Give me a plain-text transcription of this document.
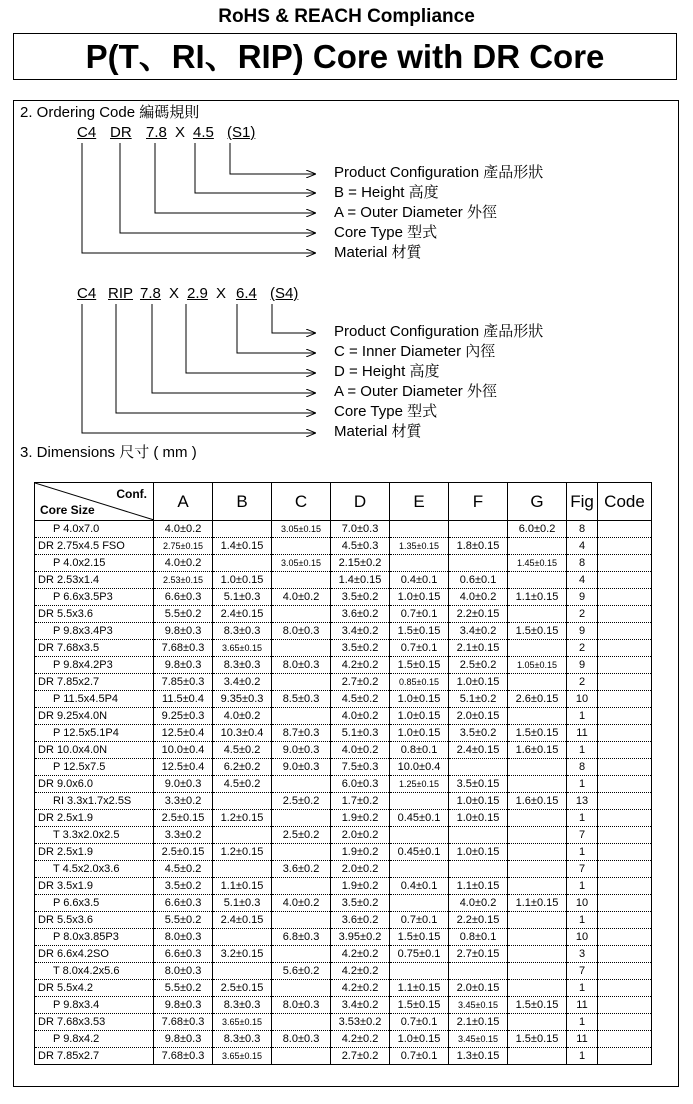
RoHS & REACH Compliance
P(T、RI、RIP) Core with DR Core
2. Ordering Code 編碼規則
C4 DR 7.8 X 4.5 (S1)
Product Configuration 產品形狀
B = Height 高度
A = Outer Diameter 外徑
Core Type 型式
Material 材質
C4 RIP 7.8 X 2.9 X 6.4 (S4)
Product Configuration 產品形狀
C = Inner Diameter 內徑
D = Height 高度
A = Outer Diameter 外徑
Core Type 型式
Material 材質
3. Dimensions 尺寸 ( mm )
Conf.
Core Size	A	B	C	D	E	F	G	Fig	Code
P 4.0x7.0	4.0±0.2		3.05±0.15	7.0±0.3			6.0±0.2	8	
DR 2.75x4.5 FSO	2.75±0.15	1.4±0.15		4.5±0.3	1.35±0.15	1.8±0.15		4	
P 4.0x2.15	4.0±0.2		3.05±0.15	2.15±0.2			1.45±0.15	8	
DR 2.53x1.4	2.53±0.15	1.0±0.15		1.4±0.15	0.4±0.1	0.6±0.1		4	
P 6.6x3.5P3	6.6±0.3	5.1±0.3	4.0±0.2	3.5±0.2	1.0±0.15	4.0±0.2	1.1±0.15	9	
DR 5.5x3.6	5.5±0.2	2.4±0.15		3.6±0.2	0.7±0.1	2.2±0.15		2	
P 9.8x3.4P3	9.8±0.3	8.3±0.3	8.0±0.3	3.4±0.2	1.5±0.15	3.4±0.2	1.5±0.15	9	
DR 7.68x3.5	7.68±0.3	3.65±0.15		3.5±0.2	0.7±0.1	2.1±0.15		2	
P 9.8x4.2P3	9.8±0.3	8.3±0.3	8.0±0.3	4.2±0.2	1.5±0.15	2.5±0.2	1.05±0.15	9	
DR 7.85x2.7	7.85±0.3	3.4±0.2		2.7±0.2	0.85±0.15	1.0±0.15		2	
P 11.5x4.5P4	11.5±0.4	9.35±0.3	8.5±0.3	4.5±0.2	1.0±0.15	5.1±0.2	2.6±0.15	10	
DR 9.25x4.0N	9.25±0.3	4.0±0.2		4.0±0.2	1.0±0.15	2.0±0.15		1	
P 12.5x5.1P4	12.5±0.4	10.3±0.4	8.7±0.3	5.1±0.3	1.0±0.15	3.5±0.2	1.5±0.15	11	
DR 10.0x4.0N	10.0±0.4	4.5±0.2	9.0±0.3	4.0±0.2	0.8±0.1	2.4±0.15	1.6±0.15	1	
P 12.5x7.5	12.5±0.4	6.2±0.2	9.0±0.3	7.5±0.3	10.0±0.4			8	
DR 9.0x6.0	9.0±0.3	4.5±0.2		6.0±0.3	1.25±0.15	3.5±0.15		1	
RI 3.3x1.7x2.5S	3.3±0.2		2.5±0.2	1.7±0.2		1.0±0.15	1.6±0.15	13	
DR 2.5x1.9	2.5±0.15	1.2±0.15		1.9±0.2	0.45±0.1	1.0±0.15		1	
T 3.3x2.0x2.5	3.3±0.2		2.5±0.2	2.0±0.2				7	
DR 2.5x1.9	2.5±0.15	1.2±0.15		1.9±0.2	0.45±0.1	1.0±0.15		1	
T 4.5x2.0x3.6	4.5±0.2		3.6±0.2	2.0±0.2				7	
DR 3.5x1.9	3.5±0.2	1.1±0.15		1.9±0.2	0.4±0.1	1.1±0.15		1	
P 6.6x3.5	6.6±0.3	5.1±0.3	4.0±0.2	3.5±0.2		4.0±0.2	1.1±0.15	10	
DR 5.5x3.6	5.5±0.2	2.4±0.15		3.6±0.2	0.7±0.1	2.2±0.15		1	
P 8.0x3.85P3	8.0±0.3		6.8±0.3	3.95±0.2	1.5±0.15	0.8±0.1		10	
DR 6.6x4.2SO	6.6±0.3	3.2±0.15		4.2±0.2	0.75±0.1	2.7±0.15		3	
T 8.0x4.2x5.6	8.0±0.3		5.6±0.2	4.2±0.2				7	
DR 5.5x4.2	5.5±0.2	2.5±0.15		4.2±0.2	1.1±0.15	2.0±0.15		1	
P 9.8x3.4	9.8±0.3	8.3±0.3	8.0±0.3	3.4±0.2	1.5±0.15	3.45±0.15	1.5±0.15	11	
DR 7.68x3.53	7.68±0.3	3.65±0.15		3.53±0.2	0.7±0.1	2.1±0.15		1	
P 9.8x4.2	9.8±0.3	8.3±0.3	8.0±0.3	4.2±0.2	1.0±0.15	3.45±0.15	1.5±0.15	11	
DR 7.85x2.7	7.68±0.3	3.65±0.15		2.7±0.2	0.7±0.1	1.3±0.15		1	
